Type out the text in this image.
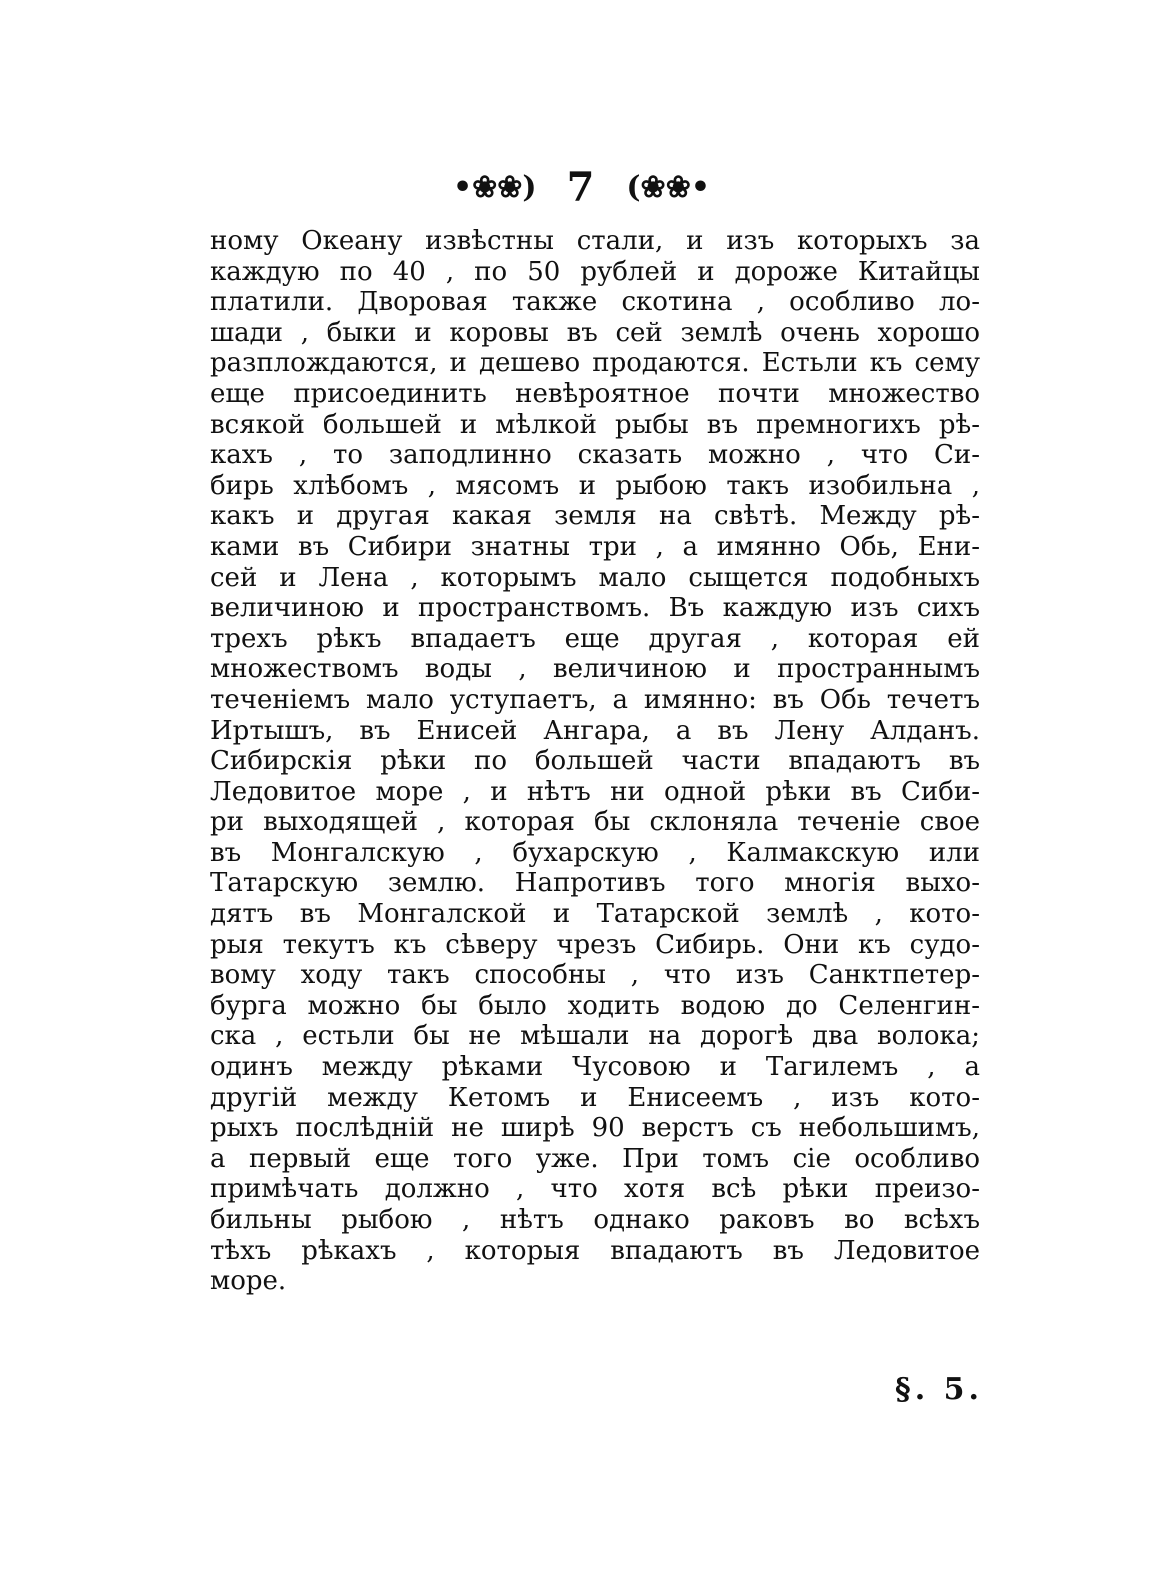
•❀❀) 7 (❀❀•
ному Океану извѣстны стали, и изъ которыхъ за
каждую по 40 , по 50 рублей и дороже Китайцы
платили. Дворовая также скотина , особливо ло-
шади , быки и коровы въ сей землѣ очень хорошо
разплождаются, и дешево продаются. Естьли къ сему
еще присоединить невѣроятное почти множество
всякой большей и мѣлкой рыбы въ премногихъ рѣ-
кахъ , то заподлинно сказать можно , что Си-
бирь хлѣбомъ , мясомъ и рыбою такъ изобильна ,
какъ и другая какая земля на свѣтѣ. Между рѣ-
ками въ Сибири знатны три , а имянно Обь, Ени-
сей и Лена , которымъ мало сыщется подобныхъ
величиною и пространствомъ. Въ каждую изъ сихъ
трехъ рѣкъ впадаетъ еще другая , которая ей
множествомъ воды , величиною и пространнымъ
теченіемъ мало уступаетъ, а имянно: въ Обь течетъ
Иртышъ, въ Енисей Ангара, а въ Лену Алданъ.
Сибирскія рѣки по большей части впадаютъ въ
Ледовитое море , и нѣтъ ни одной рѣки въ Сиби-
ри выходящей , которая бы склоняла теченіе свое
въ Монгалскую , бухарскую , Калмакскую или
Татарскую землю. Напротивъ того многія выхо-
дятъ въ Монгалской и Татарской землѣ , кото-
рыя текутъ къ сѣверу чрезъ Сибирь. Они къ судо-
вому ходу такъ способны , что изъ Санктпетер-
бурга можно бы было ходить водою до Селенгин-
ска , естьли бы не мѣшали на дорогѣ два волока;
одинъ между рѣками Чусовою и Тагилемъ , а
другій между Кетомъ и Енисеемъ , изъ кото-
рыхъ послѣдній не ширѣ 90 верстъ съ небольшимъ,
а первый еще того уже. При томъ сіе особливо
примѣчать должно , что хотя всѣ рѣки преизо-
бильны рыбою , нѣтъ однако раковъ во всѣхъ
тѣхъ рѣкахъ , которыя впадаютъ въ Ледовитое
море.
§. 5.
